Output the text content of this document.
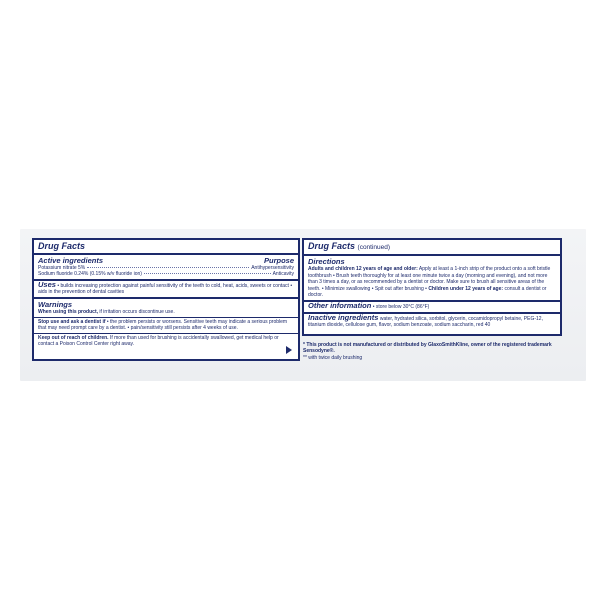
Drug Facts
Active ingredients	Purpose
Potassium nitrate 5%	Antihypersensitivity
Sodium fluoride 0.24% (0.15% w/v fluoride ion)	Anticavity
Uses • builds increasing protection against painful sensitivity of the teeth to cold, heat, acids, sweets or contact • aids in the prevention of dental cavities
Warnings
When using this product, if irritation occurs discontinue use.
Stop use and ask a dentist if • the problem persists or worsens. Sensitive teeth may indicate a serious problem that may need prompt care by a dentist. • pain/sensitivity still persists after 4 weeks of use.
Keep out of reach of children. If more than used for brushing is accidentally swallowed, get medical help or contact a Poison Control Center right away.
Drug Facts (continued)
Directions
Adults and children 12 years of age and older: Apply at least a 1-inch strip of the product onto a soft bristle toothbrush • Brush teeth thoroughly for at least one minute twice a day (morning and evening), and not more than 3 times a day, or as recommended by a dentist or doctor. Make sure to brush all sensitive areas of the teeth. • Minimize swallowing • Spit out after brushing • Children under 12 years of age: consult a dentist or doctor.
Other information • store below 30°C (86°F)
Inactive ingredients water, hydrated silica, sorbitol, glycerin, cocamidopropyl betaine, PEG-12, titanium dioxide, cellulose gum, flavor, sodium benzoate, sodium saccharin, red 40
* This product is not manufactured or distributed by GlaxoSmithKline, owner of the registered trademark Sensodyne®.
** with twice daily brushing
